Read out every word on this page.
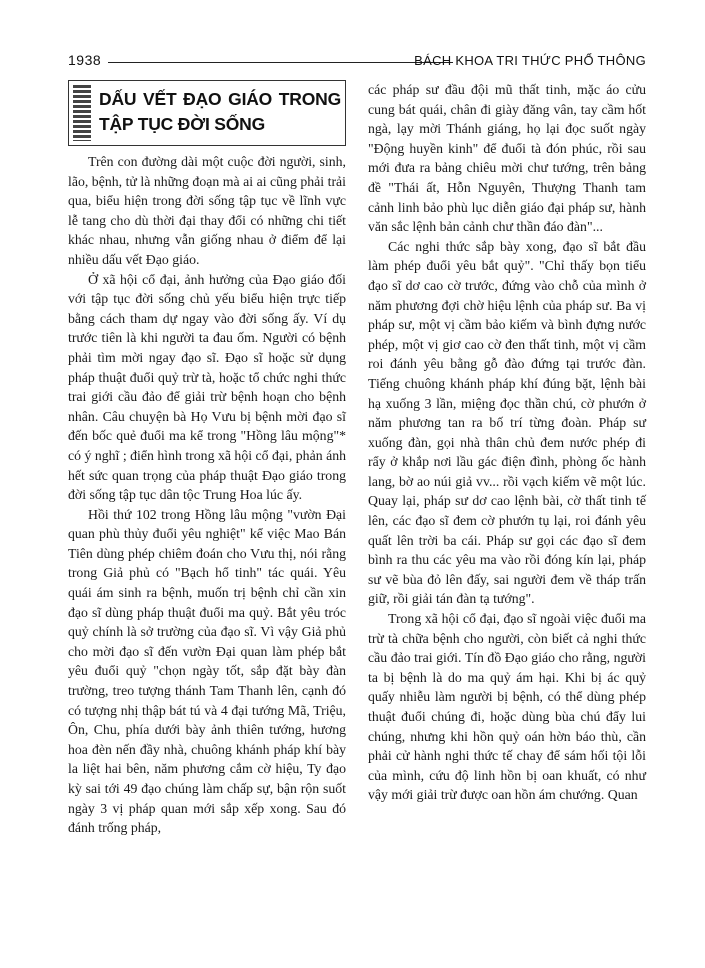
1938	BÁCH KHOA TRI THỨC PHỔ THÔNG
DẤU VẾT ĐẠO GIÁO TRONG TẬP TỤC ĐỜI SỐNG

Trên con đường dài một cuộc đời người, sinh, lão, bệnh, tử là những đoạn mà ai ai cũng phải trải qua, biểu hiện trong đời sống tập tục về lĩnh vực lễ tang cho dù thời đại thay đổi có những chi tiết khác nhau, nhưng vẫn giống nhau ở điểm để lại nhiều dấu vết Đạo giáo.

Ở xã hội cổ đại, ảnh hưởng của Đạo giáo đối với tập tục đời sống chủ yếu biểu hiện trực tiếp bằng cách tham dự ngay vào đời sống ấy. Ví dụ trước tiên là khi người ta đau ốm. Người có bệnh phải tìm mời ngay đạo sĩ. Đạo sĩ hoặc sử dụng pháp thuật đuổi quỷ trừ tà, hoặc tổ chức nghi thức trai giới cầu đảo để giải trừ bệnh hoạn cho bệnh nhân. Câu chuyện bà Họ Vưu bị bệnh mời đạo sĩ đến bốc quẻ đuổi ma kể trong "Hồng lâu mộng"* có ý nghĩ ; điển hình trong xã hội cổ đại, phản ánh hết sức quan trọng của pháp thuật Đạo giáo trong đời sống tập tục dân tộc Trung Hoa lúc ấy.

Hồi thứ 102 trong Hồng lâu mộng "vườn Đại quan phù thủy đuổi yêu nghiệt" kể việc Mao Bán Tiên dùng phép chiêm đoán cho Vưu thị, nói rằng trong Giả phủ có "Bạch hổ tinh" tác quái. Yêu quái ám sinh ra bệnh, muốn trị bệnh chỉ cần xin đạo sĩ dùng pháp thuật đuổi ma quỷ. Bắt yêu tróc quỷ chính là sở trường của đạo sĩ. Vì vậy Giả phủ cho mời đạo sĩ đến vườn Đại quan làm phép bắt yêu đuổi quỷ "chọn ngày tốt, sắp đặt bày đàn trường, treo tượng thánh Tam Thanh lên, cạnh đó có tượng nhị thập bát tú và 4 đại tướng Mã, Triệu, Ôn, Chu, phía dưới bày ảnh thiên tướng, hương hoa đèn nến đầy nhà, chuông khánh pháp khí bày la liệt hai bên, năm phương cắm cờ hiệu, Ty đạo kỳ sai tới 49 đạo chúng làm chấp sự, bận rộn suốt ngày 3 vị pháp quan mới sắp xếp xong. Sau đó đánh trống pháp,

các pháp sư đầu đội mũ thất tinh, mặc áo cửu cung bát quái, chân đi giày đăng vân, tay cầm hốt ngà, lạy mời Thánh giáng, họ lại đọc suốt ngày "Động huyền kinh" để đuổi tà đón phúc, rồi sau mới đưa ra bảng chiêu mời chư tướng, trên bảng đề "Thái ất, Hỗn Nguyên, Thượng Thanh tam cảnh linh bảo phù lục diễn giáo đại pháp sư, hành văn sắc lệnh bản cảnh chư thần đáo đàn"...

Các nghi thức sắp bày xong, đạo sĩ bắt đầu làm phép đuổi yêu bắt quỷ". "Chỉ thấy bọn tiểu đạo sĩ dơ cao cờ trước, đứng vào chỗ của mình ở năm phương đợi chờ hiệu lệnh của pháp sư. Ba vị pháp sư, một vị cầm bảo kiếm và bình đựng nước phép, một vị giơ cao cờ đen thất tinh, một vị cầm roi đánh yêu bằng gỗ đào đứng tại trước đàn. Tiếng chuông khánh pháp khí đúng bặt, lệnh bài hạ xuống 3 lần, miệng đọc thần chú, cờ phướn ở năm phương tan ra bố trí từng đoàn. Pháp sư xuống đàn, gọi nhà thân chủ đem nước phép đi rẩy ở khắp nơi lầu gác điện đình, phòng ốc hành lang, bờ ao núi giả vv... rồi vạch kiếm vẽ một lúc. Quay lại, pháp sư dơ cao lệnh bài, cờ thất tinh tế lên, các đạo sĩ đem cờ phướn tụ lại, roi đánh yêu quất lên trời ba cái. Pháp sư gọi các đạo sĩ đem bình ra thu các yêu ma vào rồi đóng kín lại, pháp sư vẽ bùa đỏ lên đấy, sai người đem về tháp trấn giữ, rồi giải tán đàn tạ tướng".

Trong xã hội cổ đại, đạo sĩ ngoài việc đuổi ma trừ tà chữa bệnh cho người, còn biết cả nghi thức cầu đảo trai giới. Tín đồ Đạo giáo cho rằng, người ta bị bệnh là do ma quỷ ám hại. Khi bị ác quỷ quấy nhiễu làm người bị bệnh, có thể dùng phép thuật đuổi chúng đi, hoặc dùng bùa chú đẩy lui chúng, nhưng khi hồn quỷ oán hờn báo thù, cần phải cử hành nghi thức tế chay để sám hối tội lỗi của mình, cứu độ linh hồn bị oan khuất, có như vậy mới giải trừ được oan hồn ám chướng. Quan
